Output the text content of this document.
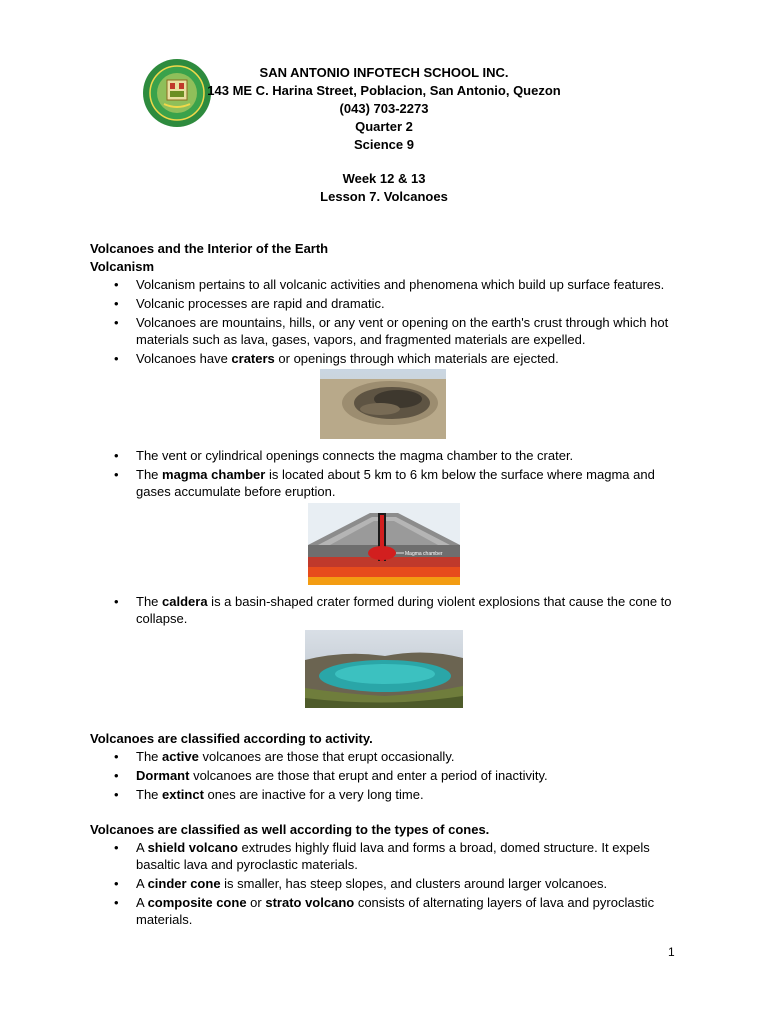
SAN ANTONIO INFOTECH SCHOOL INC.
143 ME C. Harina Street, Poblacion, San Antonio, Quezon
(043) 703-2273
Quarter 2
Science 9
Week 12 & 13
Lesson 7. Volcanoes
Volcanoes and the Interior of the Earth
Volcanism
• Volcanism pertains to all volcanic activities and phenomena which build up surface features.
• Volcanic processes are rapid and dramatic.
• Volcanoes are mountains, hills, or any vent or opening on the earth's crust through which hot materials such as lava, gases, vapors, and fragmented materials are expelled.
• Volcanoes have craters or openings through which materials are ejected.
• The vent or cylindrical openings connects the magma chamber to the crater.
• The magma chamber is located about 5 km to 6 km below the surface where magma and gases accumulate before eruption.
Magma chamber
• The caldera is a basin-shaped crater formed during violent explosions that cause the cone to collapse.
Volcanoes are classified according to activity.
• The active volcanoes are those that erupt occasionally.
• Dormant volcanoes are those that erupt and enter a period of inactivity.
• The extinct ones are inactive for a very long time.
Volcanoes are classified as well according to the types of cones.
• A shield volcano extrudes highly fluid lava and forms a broad, domed structure. It expels basaltic lava and pyroclastic materials.
• A cinder cone is smaller, has steep slopes, and clusters around larger volcanoes.
• A composite cone or strato volcano consists of alternating layers of lava and pyroclastic materials.
1
